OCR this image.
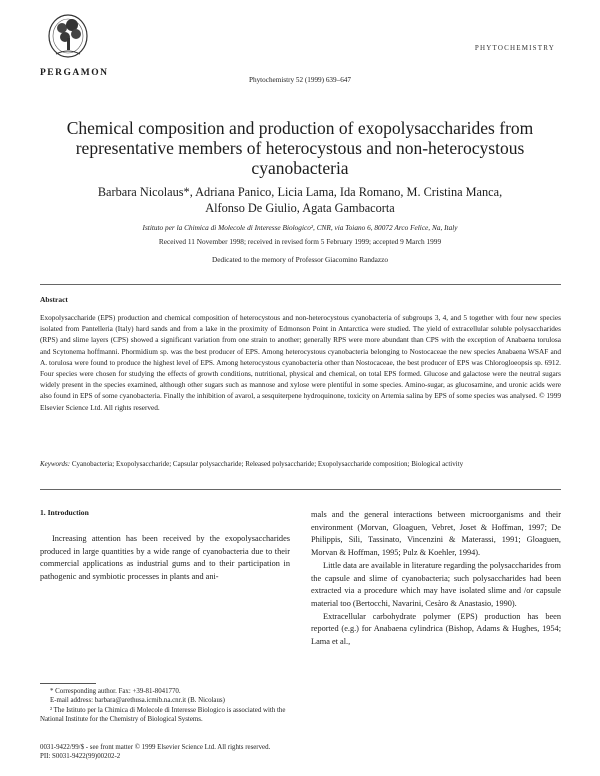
PERGAMON
PHYTOCHEMISTRY
Phytochemistry 52 (1999) 639–647
Chemical composition and production of exopolysaccharides from representative members of heterocystous and non-heterocystous cyanobacteria
Barbara Nicolaus*, Adriana Panico, Licia Lama, Ida Romano, M. Cristina Manca,
Alfonso De Giulio, Agata Gambacorta
Istituto per la Chimica di Molecole di Interesse Biologico², CNR, via Toiano 6, 80072 Arco Felice, Na, Italy
Received 11 November 1998; received in revised form 5 February 1999; accepted 9 March 1999
Dedicated to the memory of Professor Giacomino Randazzo
Abstract
Exopolysaccharide (EPS) production and chemical composition of heterocystous and non-heterocystous cyanobacteria of subgroups 3, 4, and 5 together with four new species isolated from Pantelleria (Italy) hard sands and from a lake in the proximity of Edmonson Point in Antarctica were studied. The yield of extracellular soluble polysaccharides (RPS) and slime layers (CPS) showed a significant variation from one strain to another; generally RPS were more abundant than CPS with the exception of Anabaena torulosa and Scytonema hoffmanni. Phormidium sp. was the best producer of EPS. Among heterocystous cyanobacteria belonging to Nostocaceae the new species Anabaena WSAF and A. torulosa were found to produce the highest level of EPS. Among heterocystous cyanobacteria other than Nostocaceae, the best producer of EPS was Chlorogloeopsis sp. 6912. Four species were chosen for studying the effects of growth conditions, nutritional, physical and chemical, on total EPS formed. Glucose and galactose were the neutral sugars widely present in the species examined, although other sugars such as mannose and xylose were plentiful in some species. Amino-sugar, as glucosamine, and uronic acids were also found in EPS of some cyanobacteria. Finally the inhibition of avarol, a sesquiterpene hydroquinone, toxicity on Artemia salina by EPS of some species was analysed. © 1999 Elsevier Science Ltd. All rights reserved.
Keywords: Cyanobacteria; Exopolysaccharide; Capsular polysaccharide; Released polysaccharide; Exopolysaccharide composition; Biological activity
1. Introduction

Increasing attention has been received by the exopolysaccharides produced in large quantities by a wide range of cyanobacteria due to their commercial applications as industrial gums and to their participation in pathogenic and symbiotic processes in plants and ani-

mals and the general interactions between microorganisms and their environment (Morvan, Gloaguen, Vebret, Joset & Hoffman, 1997; De Philippis, Sili, Tassinato, Vincenzini & Materassi, 1991; Gloaguen, Morvan & Hoffman, 1995; Pulz & Koehler, 1994).

Little data are available in literature regarding the polysaccharides from the capsule and slime of cyanobacteria; such polysaccharides had been extracted via a procedure which may have isolated slime and /or capsule material too (Bertocchi, Navarini, Cesàro & Anastasio, 1990).

Extracellular carbohydrate polymer (EPS) production has been reported (e.g.) for Anabaena cylindrica (Bishop, Adams & Hughes, 1954; Lama et al.,

* Corresponding author. Fax: +39-81-8041770.

E-mail address: barbara@arethusa.icmib.na.cnr.it (B. Nicolaus)

² The Istituto per la Chimica di Molecole di Interesse Biologico is associated with the National Institute for the Chemistry of Biological Systems.

0031-9422/99/$ - see front matter © 1999 Elsevier Science Ltd. All rights reserved.
PII: S0031-9422(99)00202-2
